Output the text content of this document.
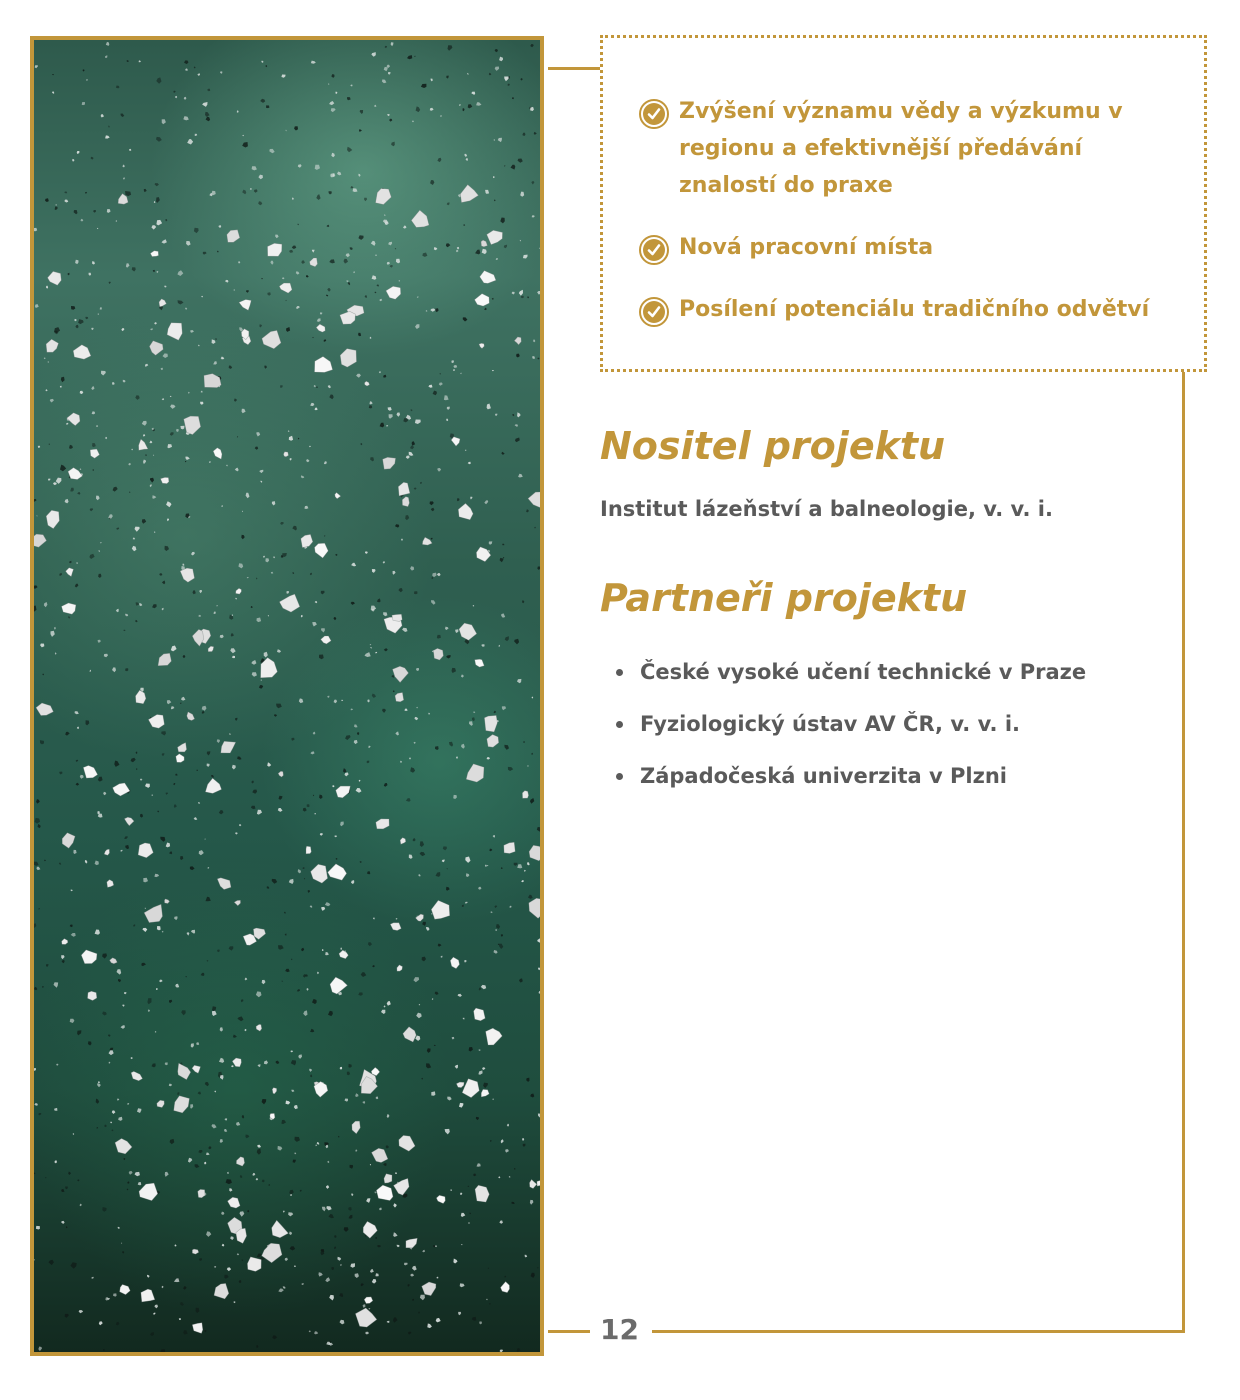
Zvýšení významu vědy a výzkumu v regionu a efektivnější předávání znalostí do praxe
Nová pracovní místa
Posílení potenciálu tradičního odvětví
Nositel projektu

Institut lázeňství a balneologie, v. v. i.

Partneři projektu
České vysoké učení technické v Praze
Fyziologický ústav AV ČR, v. v. i.
Západočeská univerzita v Plzni

12
